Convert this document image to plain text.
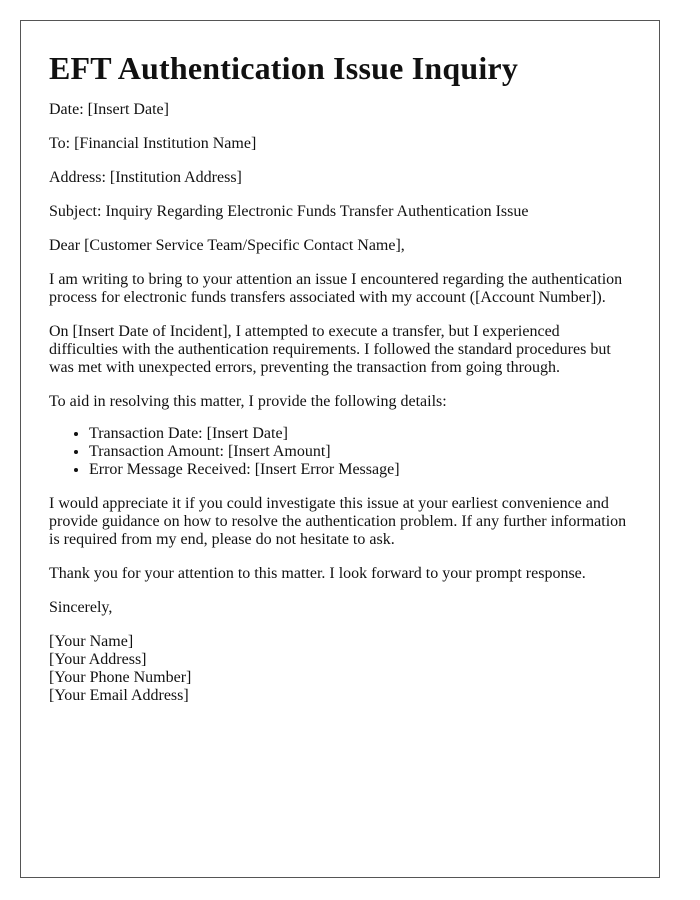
EFT Authentication Issue Inquiry

Date: [Insert Date]

To: [Financial Institution Name]

Address: [Institution Address]

Subject: Inquiry Regarding Electronic Funds Transfer Authentication Issue

Dear [Customer Service Team/Specific Contact Name],

I am writing to bring to your attention an issue I encountered regarding the authentication process for electronic funds transfers associated with my account ([Account Number]).

On [Insert Date of Incident], I attempted to execute a transfer, but I experienced difficulties with the authentication requirements. I followed the standard procedures but was met with unexpected errors, preventing the transaction from going through.

To aid in resolving this matter, I provide the following details:

• Transaction Date: [Insert Date]
• Transaction Amount: [Insert Amount]
• Error Message Received: [Insert Error Message]

I would appreciate it if you could investigate this issue at your earliest convenience and provide guidance on how to resolve the authentication problem. If any further information is required from my end, please do not hesitate to ask.

Thank you for your attention to this matter. I look forward to your prompt response.

Sincerely,

[Your Name]
[Your Address]
[Your Phone Number]
[Your Email Address]
